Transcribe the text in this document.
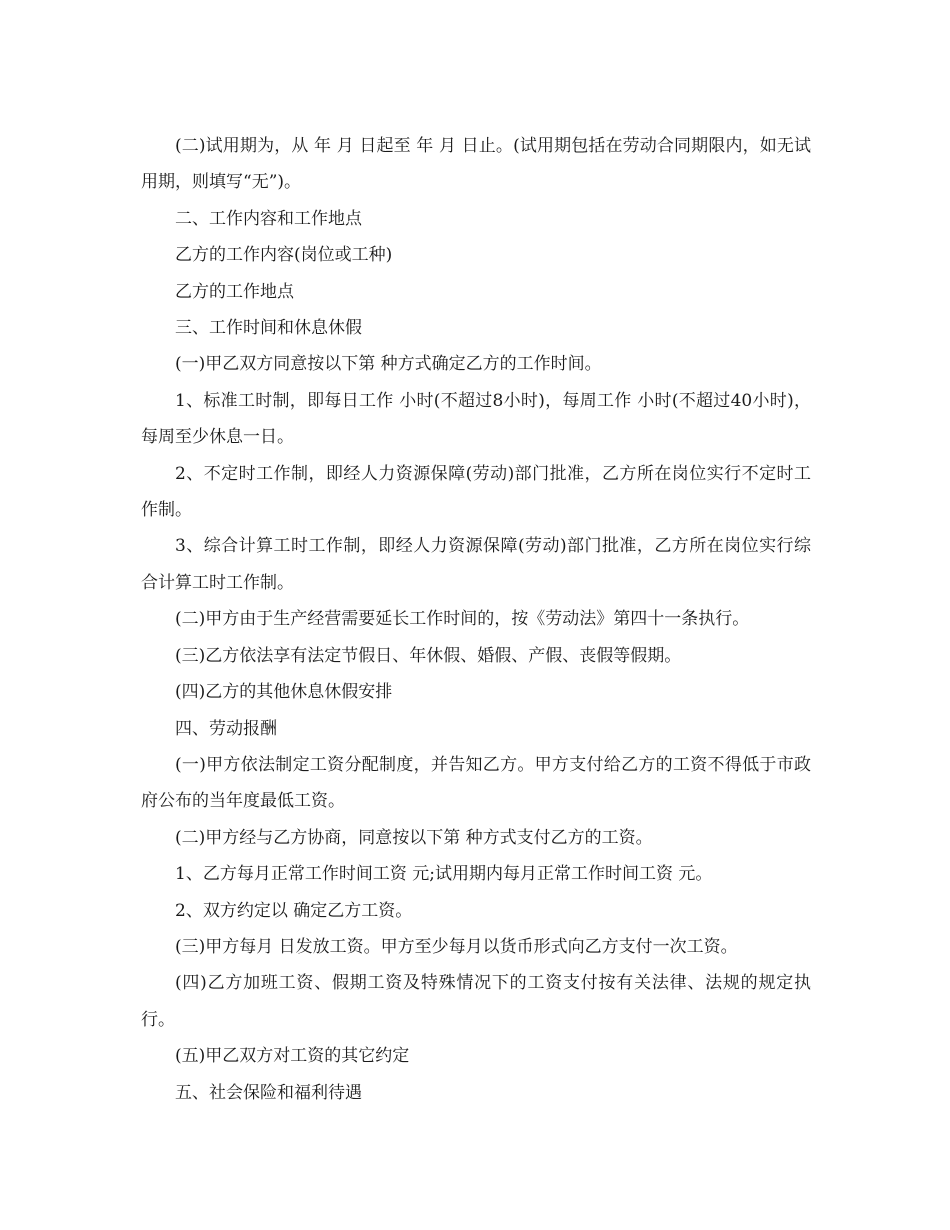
(二)试用期为，从 年 月 日起至 年 月 日止。(试用期包括在劳动合同期限内，如无试用期，则填写“无”)。

二、工作内容和工作地点

乙方的工作内容(岗位或工种)

乙方的工作地点

三、工作时间和休息休假

(一)甲乙双方同意按以下第 种方式确定乙方的工作时间。

1、标准工时制，即每日工作 小时(不超过8小时)，每周工作 小时(不超过40小时)，每周至少休息一日。

2、不定时工作制，即经人力资源保障(劳动)部门批准，乙方所在岗位实行不定时工作制。

3、综合计算工时工作制，即经人力资源保障(劳动)部门批准，乙方所在岗位实行综合计算工时工作制。

(二)甲方由于生产经营需要延长工作时间的，按《劳动法》第四十一条执行。

(三)乙方依法享有法定节假日、年休假、婚假、产假、丧假等假期。

(四)乙方的其他休息休假安排

四、劳动报酬

(一)甲方依法制定工资分配制度，并告知乙方。甲方支付给乙方的工资不得低于市政府公布的当年度最低工资。

(二)甲方经与乙方协商，同意按以下第 种方式支付乙方的工资。

1、乙方每月正常工作时间工资 元;试用期内每月正常工作时间工资 元。

2、双方约定以 确定乙方工资。

(三)甲方每月 日发放工资。甲方至少每月以货币形式向乙方支付一次工资。

(四)乙方加班工资、假期工资及特殊情况下的工资支付按有关法律、法规的规定执行。

(五)甲乙双方对工资的其它约定

五、社会保险和福利待遇
